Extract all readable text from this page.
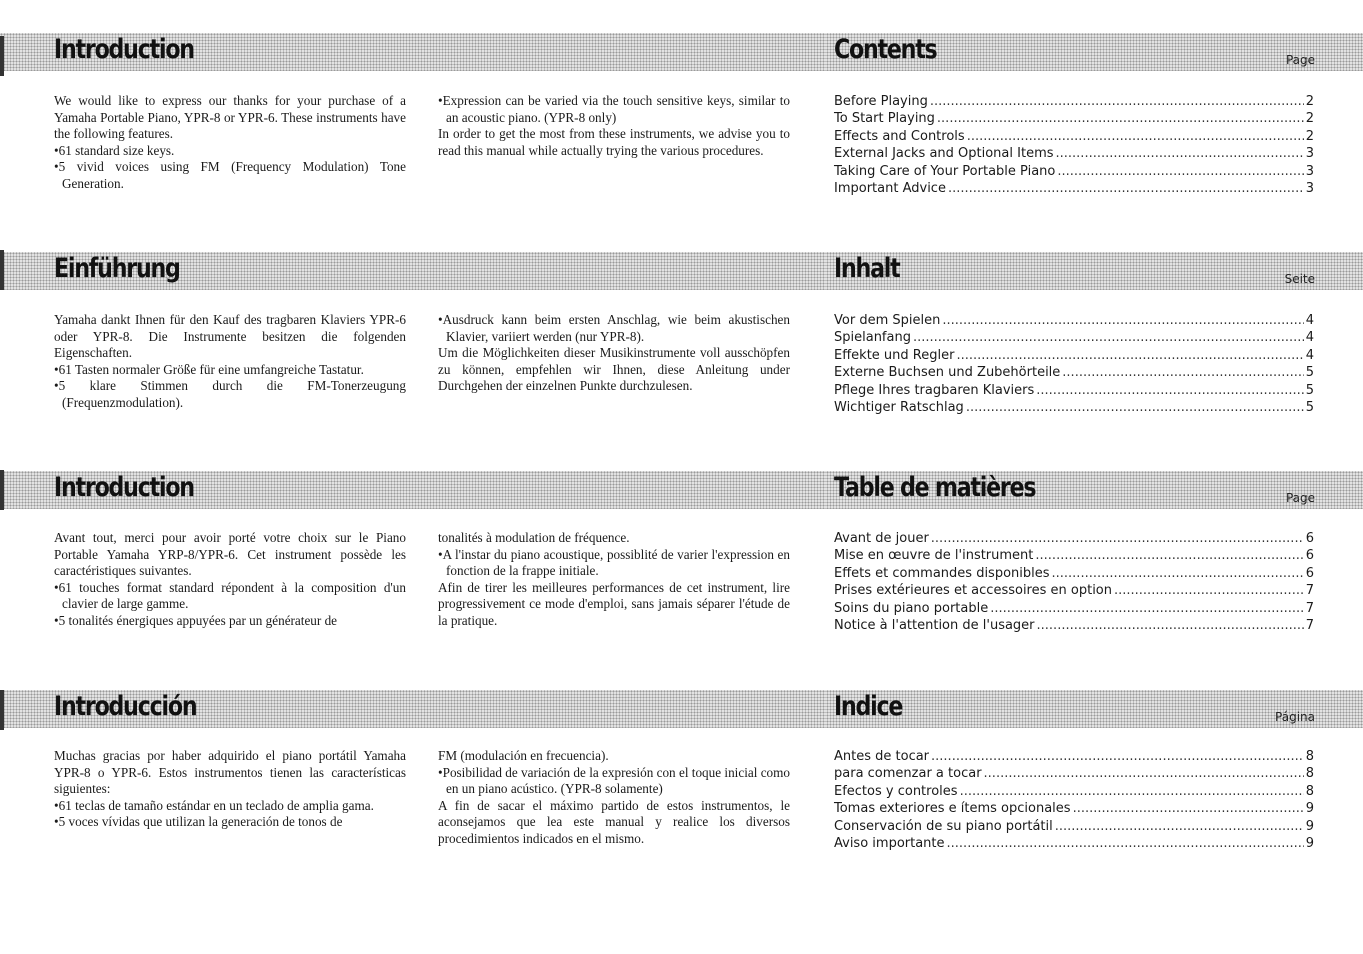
Introduction	Contents	Page

We would like to express our thanks for your purchase of a Yamaha Portable Piano, YPR-8 or YPR-6. These instruments have the following features.

•61 standard size keys.

•5 vivid voices using FM (Frequency Modulation) Tone Generation.

•Expression can be varied via the touch sensitive keys, similar to an acoustic piano. (YPR-8 only)

In order to get the most from these instruments, we advise you to read this manual while actually trying the various procedures.

Before Playing .....	2
To Start Playing .....	2
Effects and Controls .....	2
External Jacks and Optional Items .....	3
Taking Care of Your Portable Piano .....	3
Important Advice .....	3
Einführung	Inhalt	Seite

Yamaha dankt Ihnen für den Kauf des tragbaren Klaviers YPR-6 oder YPR-8. Die Instrumente besitzen die folgenden Eigenschaften.

•61 Tasten normaler Größe für eine umfangreiche Tastatur.

•5 klare Stimmen durch die FM-Tonerzeugung (Frequenzmodulation).

•Ausdruck kann beim ersten Anschlag, wie beim akustischen Klavier, variiert werden (nur YPR-8).

Um die Möglichkeiten dieser Musikinstrumente voll ausschöpfen zu können, empfehlen wir Ihnen, diese Anleitung under Durchgehen der einzelnen Punkte durchzulesen.

Vor dem Spielen .....	4
Spielanfang .....	4
Effekte und Regler .....	4
Externe Buchsen und Zubehörteile .....	5
Pflege Ihres tragbaren Klaviers .....	5
Wichtiger Ratschlag .....	5
Introduction	Table de matières	Page

Avant tout, merci pour avoir porté votre choix sur le Piano Portable Yamaha YRP-8/YPR-6. Cet instrument possède les caractéristiques suivantes.

•61 touches format standard répondent à la composition d'un clavier de large gamme.

•5 tonalités énergiques appuyées par un générateur de

tonalités à modulation de fréquence.

•A l'instar du piano acoustique, possiblité de varier l'expression en fonction de la frappe initiale.

Afin de tirer les meilleures performances de cet instrument, lire progressivement ce mode d'emploi, sans jamais séparer l'étude de la pratique.

Avant de jouer .....	6
Mise en œuvre de l'instrument .....	6
Effets et commandes disponibles .....	6
Prises extérieures et accessoires en option .....	7
Soins du piano portable .....	7
Notice à l'attention de l'usager .....	7
Introducción	Indice	Página

Muchas gracias por haber adquirido el piano portátil Yamaha YPR-8 o YPR-6. Estos instrumentos tienen las características siguientes:

•61 teclas de tamaño estándar en un teclado de amplia gama.

•5 voces vívidas que utilizan la generación de tonos de

FM (modulación en frecuencia).

•Posibilidad de variación de la expresión con el toque inicial como en un piano acústico. (YPR-8 solamente)

A fin de sacar el máximo partido de estos instrumentos, le aconsejamos que lea este manual y realice los diversos procedimientos indicados en el mismo.

Antes de tocar .....	8
para comenzar a tocar .....	8
Efectos y controles .....	8
Tomas exteriores e ítems opcionales .....	9
Conservación de su piano portátil .....	9
Aviso importante .....	9
